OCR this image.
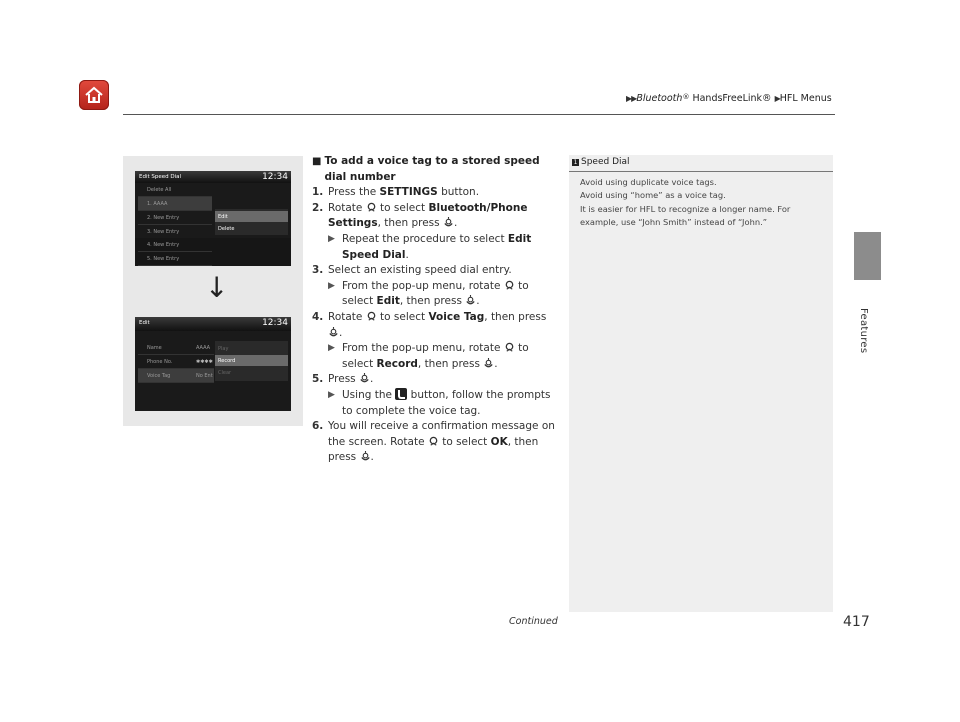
▶▶Bluetooth® HandsFreeLink® ▶HFL Menus
Features
Edit Speed Dial	12:34
Delete All
1. AAAA
2. New Entry
3. New Entry
Edit
Delete
4. New Entry
5. New Entry
↓
Edit	12:34
Name	AAAA
Phone No.	✱✱✱✱
Voice Tag	No Ent
Play
Record
Clear
■ To add a voice tag to a stored speed
dial number
1. Press the SETTINGS button.
2. Rotate  to select Bluetooth/Phone
Settings, then press .
▶ Repeat the procedure to select Edit
Speed Dial.
3. Select an existing speed dial entry.
▶ From the pop-up menu, rotate  to
select Edit, then press .
4. Rotate  to select Voice Tag, then press
.
▶ From the pop-up menu, rotate  to
select Record, then press .
5. Press .
▶ Using the  button, follow the prompts
to complete the voice tag.
6. You will receive a confirmation message on
the screen. Rotate  to select OK, then
press .
1 Speed Dial

Avoid using duplicate voice tags.

Avoid using “home” as a voice tag.

It is easier for HFL to recognize a longer name. For

example, use “John Smith” instead of “John.”

Continued	417
